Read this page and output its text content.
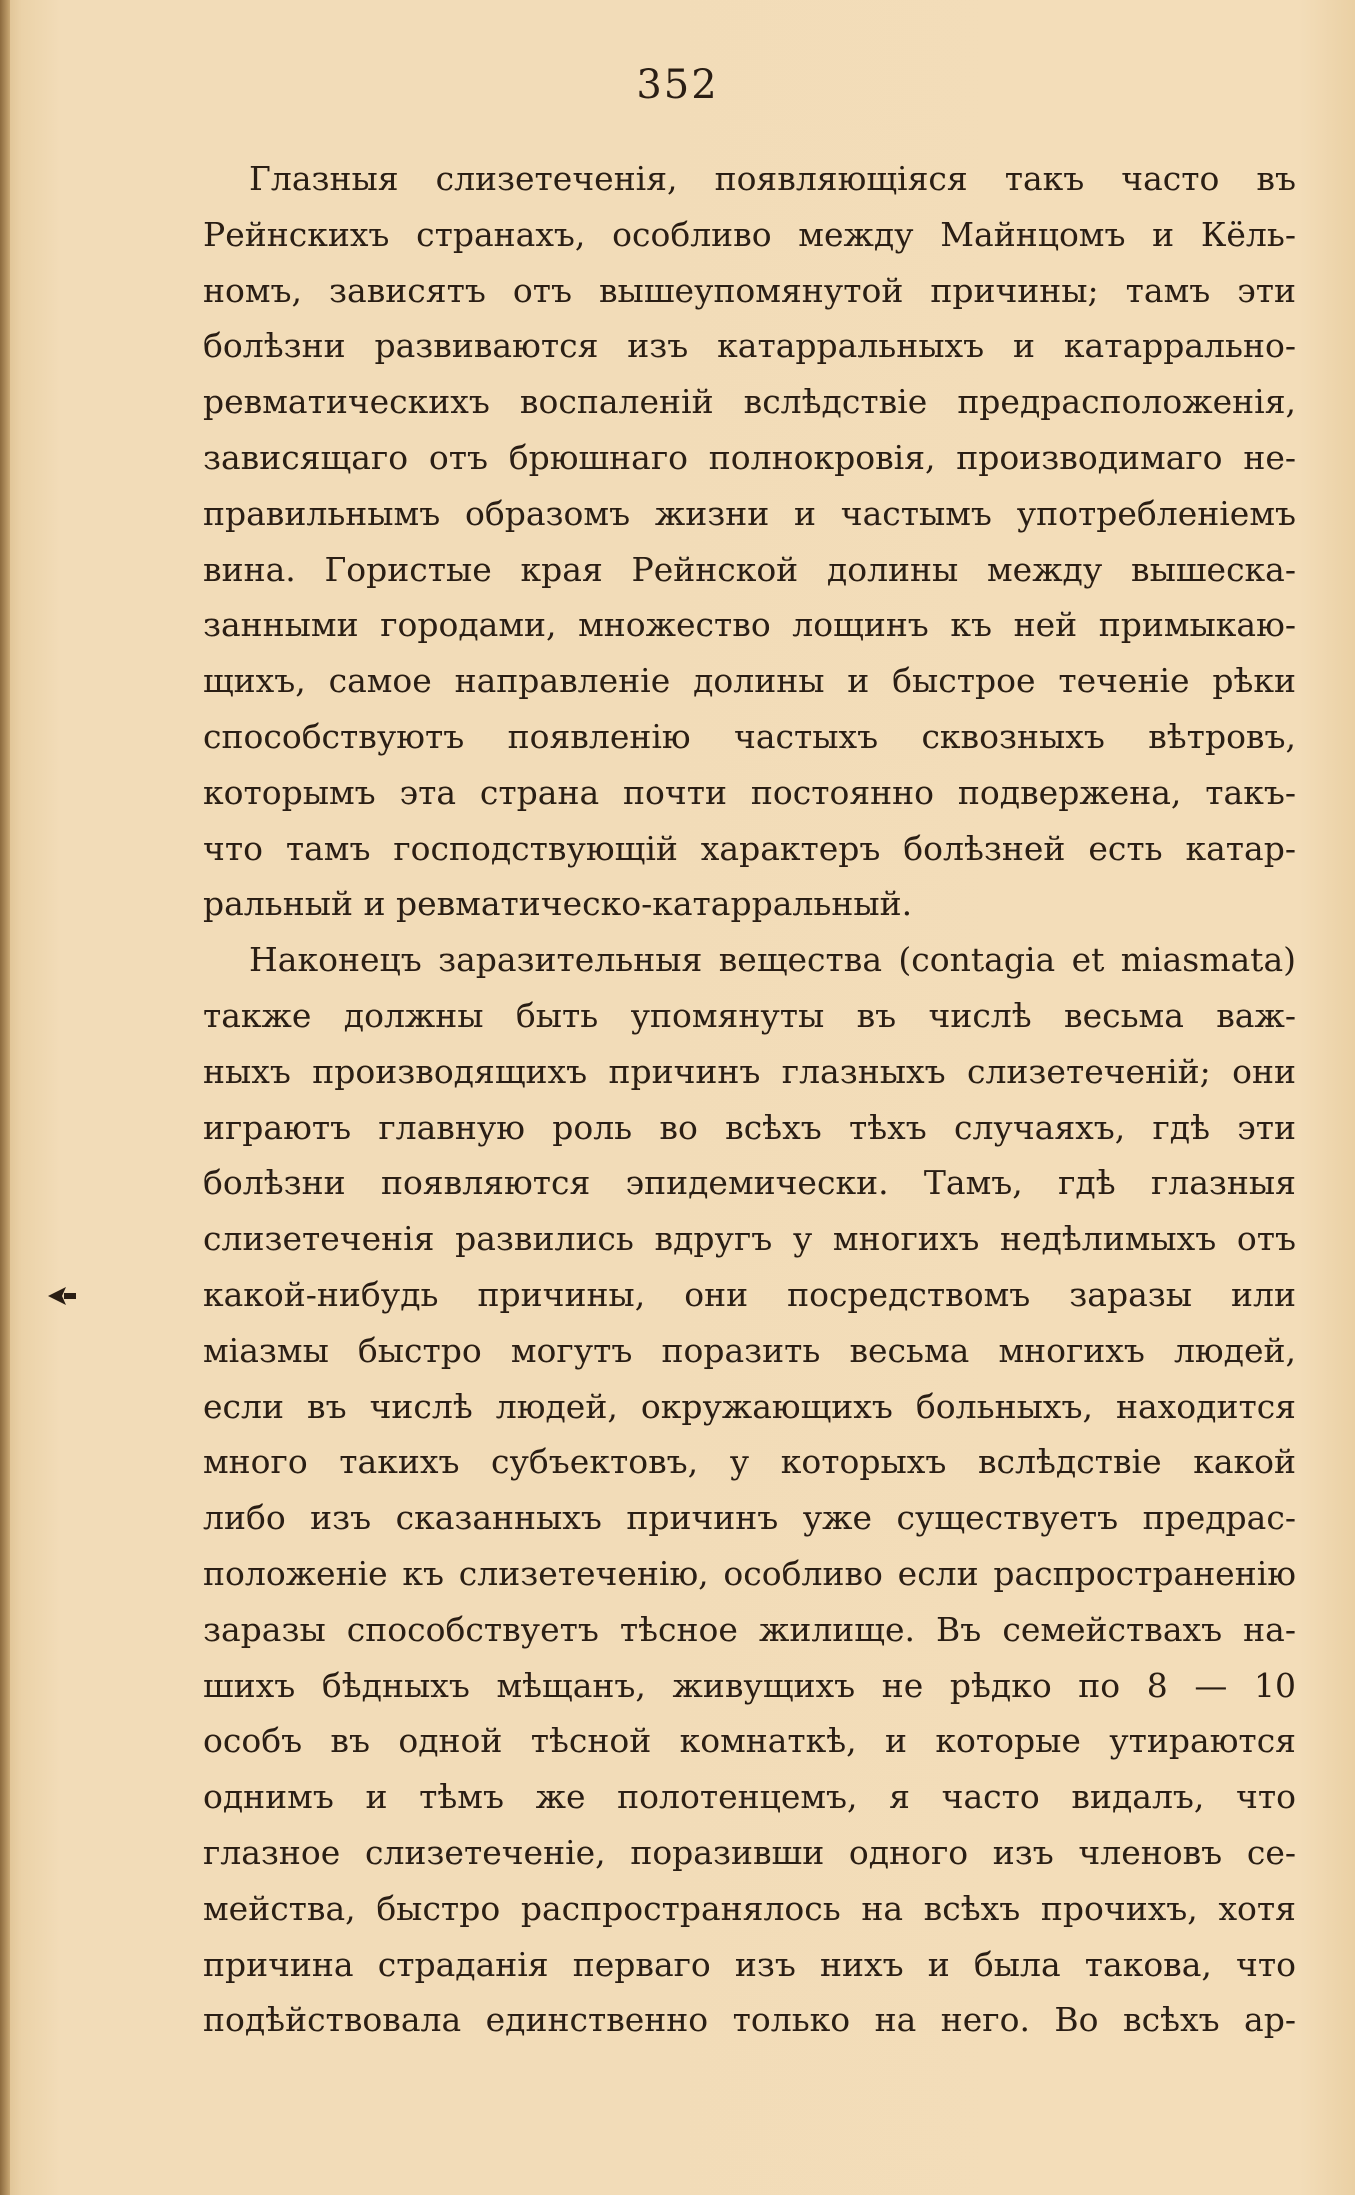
352
Глазныя слизетеченія, появляющіяся такъ часто въ
Рейнскихъ странахъ, особливо между Майнцомъ и Кёль-
номъ, зависятъ отъ вышеупомянутой причины; тамъ эти
болѣзни развиваются изъ катарральныхъ и катаррально-
ревматическихъ воспаленій вслѣдствіе предрасположенія,
зависящаго отъ брюшнаго полнокровія, производимаго не-
правильнымъ образомъ жизни и частымъ употребленіемъ
вина. Гористые края Рейнской долины между вышеска-
занными городами, множество лощинъ къ ней примыкаю-
щихъ, самое направленіе долины и быстрое теченіе рѣки
способствуютъ появленію частыхъ сквозныхъ вѣтровъ,
которымъ эта страна почти постоянно подвержена, такъ-
что тамъ господствующій характеръ болѣзней есть катар-
ральный и ревматическо-катарральный.
Наконецъ заразительныя вещества (contagia et miasmata)
также должны быть упомянуты въ числѣ весьма важ-
ныхъ производящихъ причинъ глазныхъ слизетеченій; они
играютъ главную роль во всѣхъ тѣхъ случаяхъ, гдѣ эти
болѣзни появляются эпидемически. Тамъ, гдѣ глазныя
слизетеченія развились вдругъ у многихъ недѣлимыхъ отъ
какой-нибудь причины, они посредствомъ заразы или
міазмы быстро могутъ поразить весьма многихъ людей,
если въ числѣ людей, окружающихъ больныхъ, находится
много такихъ субъектовъ, у которыхъ вслѣдствіе какой
либо изъ сказанныхъ причинъ уже существуетъ предрас-
положеніе къ слизетеченію, особливо если распространенію
заразы способствуетъ тѣсное жилище. Въ семействахъ на-
шихъ бѣдныхъ мѣщанъ, живущихъ не рѣдко по 8 — 10
особъ въ одной тѣсной комнаткѣ, и которые утираются
однимъ и тѣмъ же полотенцемъ, я часто видалъ, что
глазное слизетеченіе, поразивши одного изъ членовъ се-
мейства, быстро распространялось на всѣхъ прочихъ, хотя
причина страданія перваго изъ нихъ и была такова, что
подѣйствовала единственно только на него. Во всѣхъ ар-
